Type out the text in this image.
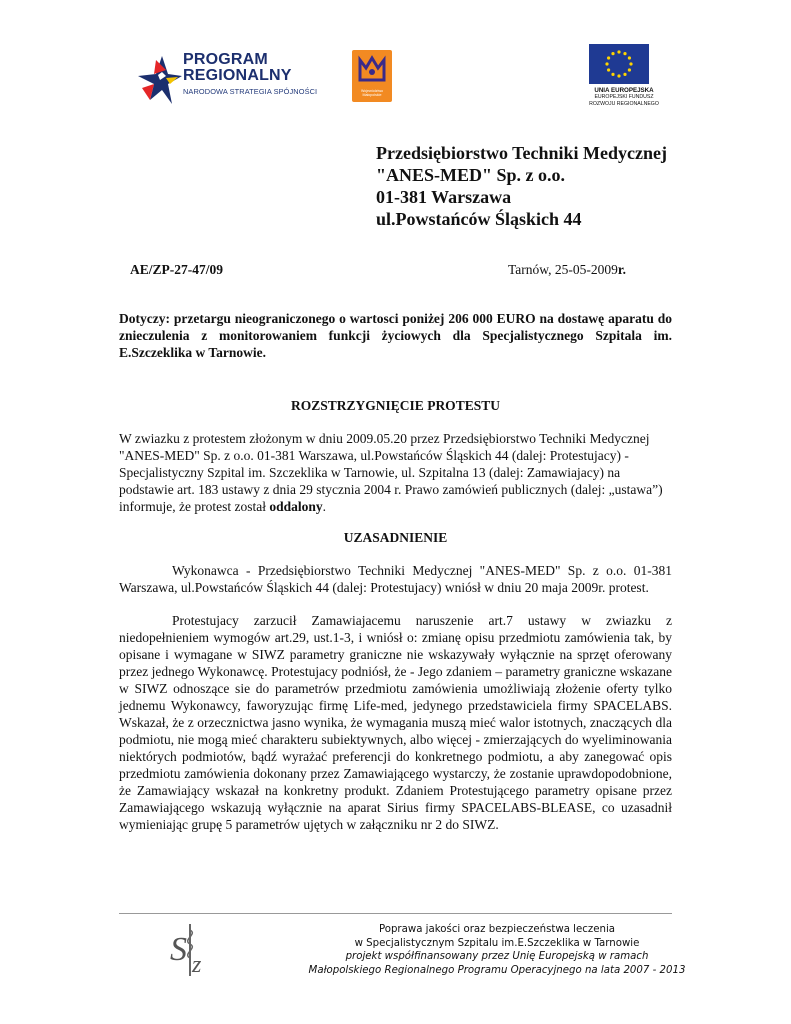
PROGRAM
REGIONALNY
NARODOWA STRATEGIA SPÓJNOŚCI	Województwo
Małopolskie
UNIA EUROPEJSKA
EUROPEJSKI FUNDUSZ
ROZWOJU REGIONALNEGO
Przedsiębiorstwo Techniki Medycznej
"ANES-MED" Sp. z o.o.
01-381 Warszawa
ul.Powstańców Śląskich 44
AE/ZP-27-47/09	Tarnów, 25-05-2009r.
Dotyczy: przetargu nieograniczonego o wartosci poniżej 206 000 EURO na dostawę aparatu do znieczulenia z monitorowaniem funkcji życiowych dla Specjalistycznego Szpitala im. E.Szczeklika w Tarnowie.
ROZSTRZYGNIĘCIE PROTESTU
W zwiazku z protestem złożonym w dniu 2009.05.20 przez Przedsiębiorstwo Techniki Medycznej "ANES-MED" Sp. z o.o. 01-381 Warszawa, ul.Powstańców Śląskich 44 (dalej: Protestujacy) - Specjalistyczny Szpital im. Szczeklika w Tarnowie, ul. Szpitalna 13 (dalej: Zamawiajacy) na podstawie art. 183 ustawy z dnia 29 stycznia 2004 r. Prawo zamówień publicznych (dalej: „ustawa”) informuje, że protest został oddalony.
UZASADNIENIE
Wykonawca - Przedsiębiorstwo Techniki Medycznej "ANES-MED" Sp. z o.o. 01-381 Warszawa, ul.Powstańców Śląskich 44 (dalej: Protestujacy) wniósł w dniu 20 maja 2009r. protest.
Protestujacy zarzucił Zamawiajacemu naruszenie art.7 ustawy w zwiazku z niedopełnieniem wymogów art.29, ust.1-3, i wniósł o: zmianę opisu przedmiotu zamówienia tak, by opisane i wymagane w SIWZ parametry graniczne nie wskazywały wyłącznie na sprzęt oferowany przez jednego Wykonawcę. Protestujacy podniósł, że - Jego zdaniem – parametry graniczne wskazane w SIWZ odnoszące sie do parametrów przedmiotu zamówienia umożliwiają złożenie oferty tylko jednemu Wykonawcy, faworyzując firmę Life-med, jedynego przedstawiciela firmy SPACELABS. Wskazał, że z orzecznictwa jasno wynika, że wymagania muszą mieć walor istotnych, znaczących dla podmiotu, nie mogą mieć charakteru subiektywnych, albo więcej - zmierzających do wyeliminowania niektórych podmiotów, bądź wyrażać preferencji do konkretnego podmiotu, a aby zanegować opis przedmiotu zamówienia dokonany przez Zamawiającego wystarczy, że zostanie uprawdopodobnione, że Zamawiający wskazał na konkretny produkt. Zdaniem Protestującego parametry opisane przez Zamawiającego wskazują wyłącznie na aparat Sirius firmy SPACELABS-BLEASE, co uzasadnił wymieniając grupę 5 parametrów ujętych w załączniku nr 2 do SIWZ.
S z
Poprawa jakości oraz bezpieczeństwa leczenia
w Specjalistycznym Szpitalu im.E.Szczeklika w Tarnowie
projekt współfinansowany przez Unię Europejską w ramach
Małopolskiego Regionalnego Programu Operacyjnego na lata 2007 - 2013
